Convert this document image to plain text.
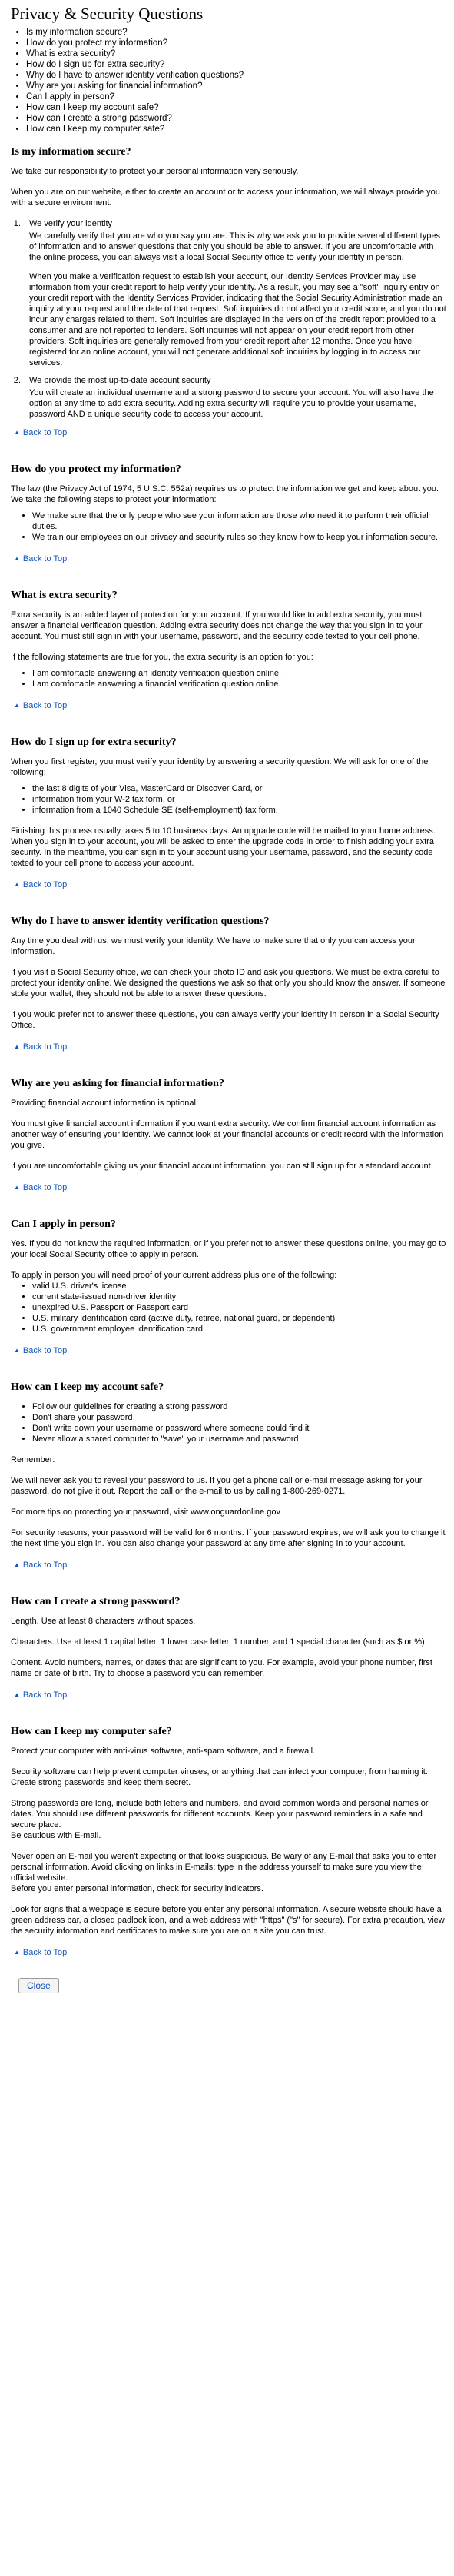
Privacy & Security Questions
• Is my information secure?
• How do you protect my information?
• What is extra security?
• How do I sign up for extra security?
• Why do I have to answer identity verification questions?
• Why are you asking for financial information?
• Can I apply in person?
• How can I keep my account safe?
• How can I create a strong password?
• How can I keep my computer safe?
Is my information secure?

We take our responsibility to protect your personal information very seriously.

When you are on our website, either to create an account or to access your information, we will always provide you with a secure environment.

1. We verify your identity

We carefully verify that you are who you say you are. This is why we ask you to provide several different types of information and to answer questions that only you should be able to answer. If you are uncomfortable with the online process, you can always visit a local Social Security office to verify your identity in person.

When you make a verification request to establish your account, our Identity Services Provider may use information from your credit report to help verify your identity. As a result, you may see a "soft" inquiry entry on your credit report with the Identity Services Provider, indicating that the Social Security Administration made an inquiry at your request and the date of that request. Soft inquiries do not affect your credit score, and you do not incur any charges related to them. Soft inquiries are displayed in the version of the credit report provided to a consumer and are not reported to lenders. Soft inquiries will not appear on your credit report from other providers. Soft inquiries are generally removed from your credit report after 12 months. Once you have registered for an online account, you will not generate additional soft inquiries by logging in to access our services.

2. We provide the most up-to-date account security

You will create an individual username and a strong password to secure your account. You will also have the option at any time to add extra security. Adding extra security will require you to provide your username, password AND a unique security code to access your account.

▲ Back to Top
How do you protect my information?

The law (the Privacy Act of 1974, 5 U.S.C. 552a) requires us to protect the information we get and keep about you. We take the following steps to protect your information:

• We make sure that the only people who see your information are those who need it to perform their official duties.
• We train our employees on our privacy and security rules so they know how to keep your information secure.
▲ Back to Top
What is extra security?

Extra security is an added layer of protection for your account. If you would like to add extra security, you must answer a financial verification question. Adding extra security does not change the way that you sign in to your account. You must still sign in with your username, password, and the security code texted to your cell phone.

If the following statements are true for you, the extra security is an option for you:

• I am comfortable answering an identity verification question online.
• I am comfortable answering a financial verification question online.
▲ Back to Top
How do I sign up for extra security?

When you first register, you must verify your identity by answering a security question. We will ask for one of the following:

• the last 8 digits of your Visa, MasterCard or Discover Card, or
• information from your W-2 tax form, or
• information from a 1040 Schedule SE (self-employment) tax form.

Finishing this process usually takes 5 to 10 business days. An upgrade code will be mailed to your home address. When you sign in to your account, you will be asked to enter the upgrade code in order to finish adding your extra security. In the meantime, you can sign in to your account using your username, password, and the security code texted to your cell phone to access your account.

▲ Back to Top
Why do I have to answer identity verification questions?

Any time you deal with us, we must verify your identity. We have to make sure that only you can access your information.

If you visit a Social Security office, we can check your photo ID and ask you questions. We must be extra careful to protect your identity online. We designed the questions we ask so that only you should know the answer. If someone stole your wallet, they should not be able to answer these questions.

If you would prefer not to answer these questions, you can always verify your identity in person in a Social Security Office.

▲ Back to Top
Why are you asking for financial information?

Providing financial account information is optional.

You must give financial account information if you want extra security. We confirm financial account information as another way of ensuring your identity. We cannot look at your financial accounts or credit record with the information you give.

If you are uncomfortable giving us your financial account information, you can still sign up for a standard account.

▲ Back to Top
Can I apply in person?

Yes. If you do not know the required information, or if you prefer not to answer these questions online, you may go to your local Social Security office to apply in person.

To apply in person you will need proof of your current address plus one of the following:

• valid U.S. driver's license
• current state-issued non-driver identity
• unexpired U.S. Passport or Passport card
• U.S. military identification card (active duty, retiree, national guard, or dependent)
• U.S. government employee identification card
▲ Back to Top
How can I keep my account safe?
• Follow our guidelines for creating a strong password
• Don't share your password
• Don't write down your username or password where someone could find it
• Never allow a shared computer to "save" your username and password

Remember:

We will never ask you to reveal your password to us. If you get a phone call or e-mail message asking for your password, do not give it out. Report the call or the e-mail to us by calling 1-800-269-0271.

For more tips on protecting your password, visit www.onguardonline.gov

For security reasons, your password will be valid for 6 months. If your password expires, we will ask you to change it the next time you sign in. You can also change your password at any time after signing in to your account.

▲ Back to Top
How can I create a strong password?

Length. Use at least 8 characters without spaces.

Characters. Use at least 1 capital letter, 1 lower case letter, 1 number, and 1 special character (such as $ or %).

Content. Avoid numbers, names, or dates that are significant to you. For example, avoid your phone number, first name or date of birth. Try to choose a password you can remember.

▲ Back to Top
How can I keep my computer safe?

Protect your computer with anti-virus software, anti-spam software, and a firewall.

Security software can help prevent computer viruses, or anything that can infect your computer, from harming it.
Create strong passwords and keep them secret.

Strong passwords are long, include both letters and numbers, and avoid common words and personal names or dates. You should use different passwords for different accounts. Keep your password reminders in a safe and secure place.
Be cautious with E-mail.

Never open an E-mail you weren't expecting or that looks suspicious. Be wary of any E-mail that asks you to enter personal information. Avoid clicking on links in E-mails; type in the address yourself to make sure you view the official website.
Before you enter personal information, check for security indicators.

Look for signs that a webpage is secure before you enter any personal information. A secure website should have a green address bar, a closed padlock icon, and a web address with "https" ("s" for secure). For extra precaution, view the security information and certificates to make sure you are on a site you can trust.

▲ Back to Top
Close
